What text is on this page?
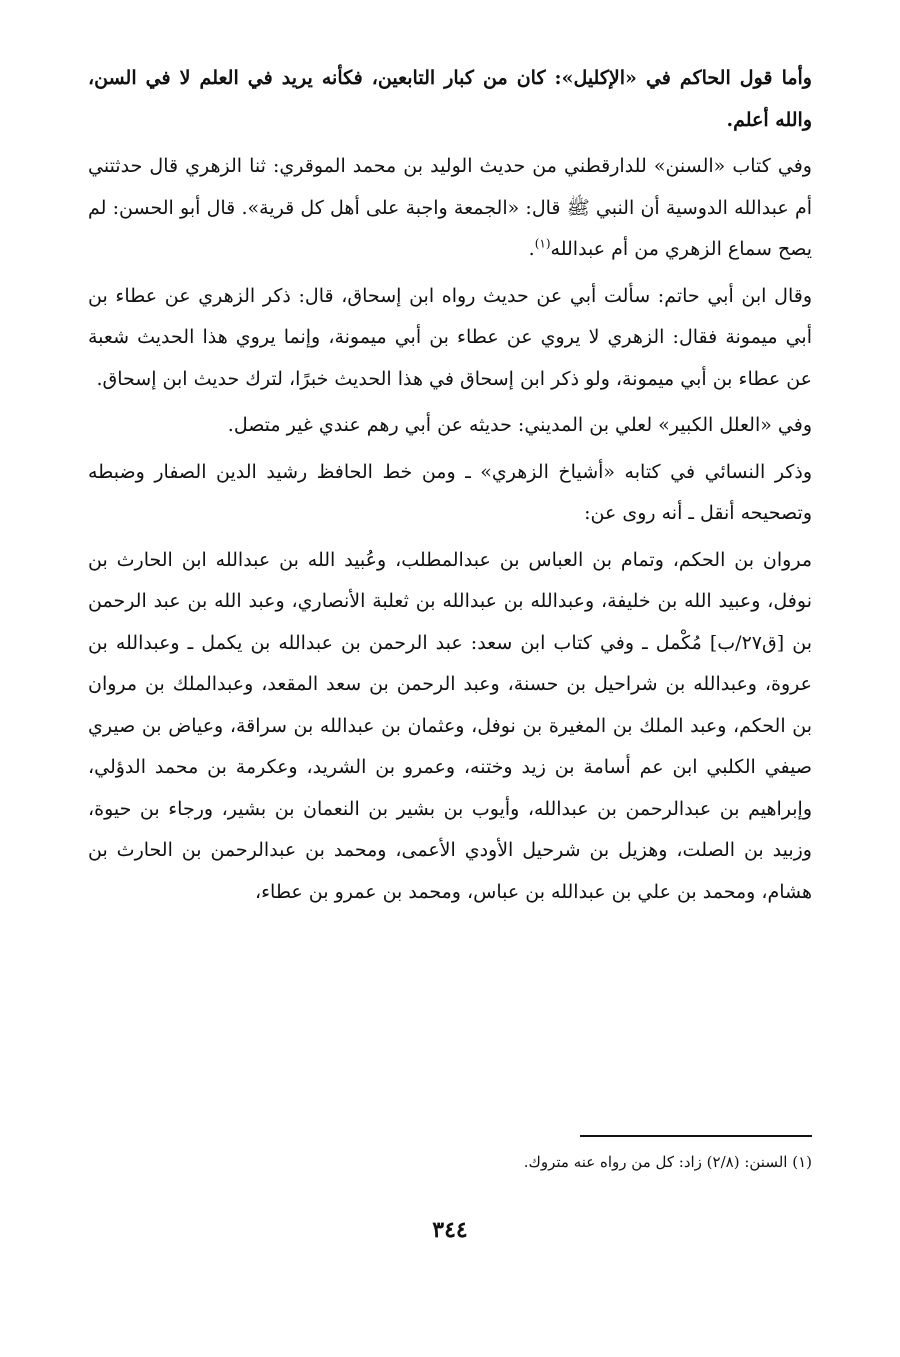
وأما قول الحاكم في «الإكليل»: كان من كبار التابعين، فكأنه يريد في العلم لا في السن، والله أعلم.

وفي كتاب «السنن» للدارقطني من حديث الوليد بن محمد الموقري: ثنا الزهري قال حدثتني أم عبدالله الدوسية أن النبي ﷺ قال: «الجمعة واجبة على أهل كل قرية». قال أبو الحسن: لم يصح سماع الزهري من أم عبدالله$^{(١)}$.

وقال ابن أبي حاتم: سألت أبي عن حديث رواه ابن إسحاق، قال: ذكر الزهري عن عطاء بن أبي ميمونة فقال: الزهري لا يروي عن عطاء بن أبي ميمونة، وإنما يروي هذا الحديث شعبة عن عطاء بن أبي ميمونة، ولو ذكر ابن إسحاق في هذا الحديث خبرًا، لترك حديث ابن إسحاق.

وفي «العلل الكبير» لعلي بن المديني: حديثه عن أبي رهم عندي غير متصل.

وذكر النسائي في كتابه «أشياخ الزهري» ـ ومن خط الحافظ رشيد الدين الصفار وضبطه وتصحيحه أنقل ـ أنه روى عن:

مروان بن الحكم، وتمام بن العباس بن عبدالمطلب، وعُبيد الله بن عبدالله ابن الحارث بن نوفل، وعبيد الله بن خليفة، وعبدالله بن عبدالله بن ثعلبة الأنصاري، وعبد الله بن عبد الرحمن بن [ق٢٧/ب] مُكْمل ـ وفي كتاب ابن سعد: عبد الرحمن بن عبدالله بن يكمل ـ وعبدالله بن عروة، وعبدالله بن شراحيل بن حسنة، وعبد الرحمن بن سعد المقعد، وعبدالملك بن مروان بن الحكم، وعبد الملك بن المغيرة بن نوفل، وعثمان بن عبدالله بن سراقة، وعياض بن صيري صيفي الكلبي ابن عم أسامة بن زيد وختنه، وعمرو بن الشريد، وعكرمة بن محمد الدؤلي، وإبراهيم بن عبدالرحمن بن عبدالله، وأيوب بن بشير بن النعمان بن بشير، ورجاء بن حيوة، وزبيد بن الصلت، وهزيل بن شرحيل الأودي الأعمى، ومحمد بن عبدالرحمن بن الحارث بن هشام، ومحمد بن علي بن عبدالله بن عباس، ومحمد بن عمرو بن عطاء،

(١) السنن: (٢/٨) زاد: كل من رواه عنه متروك.
٣٤٤
